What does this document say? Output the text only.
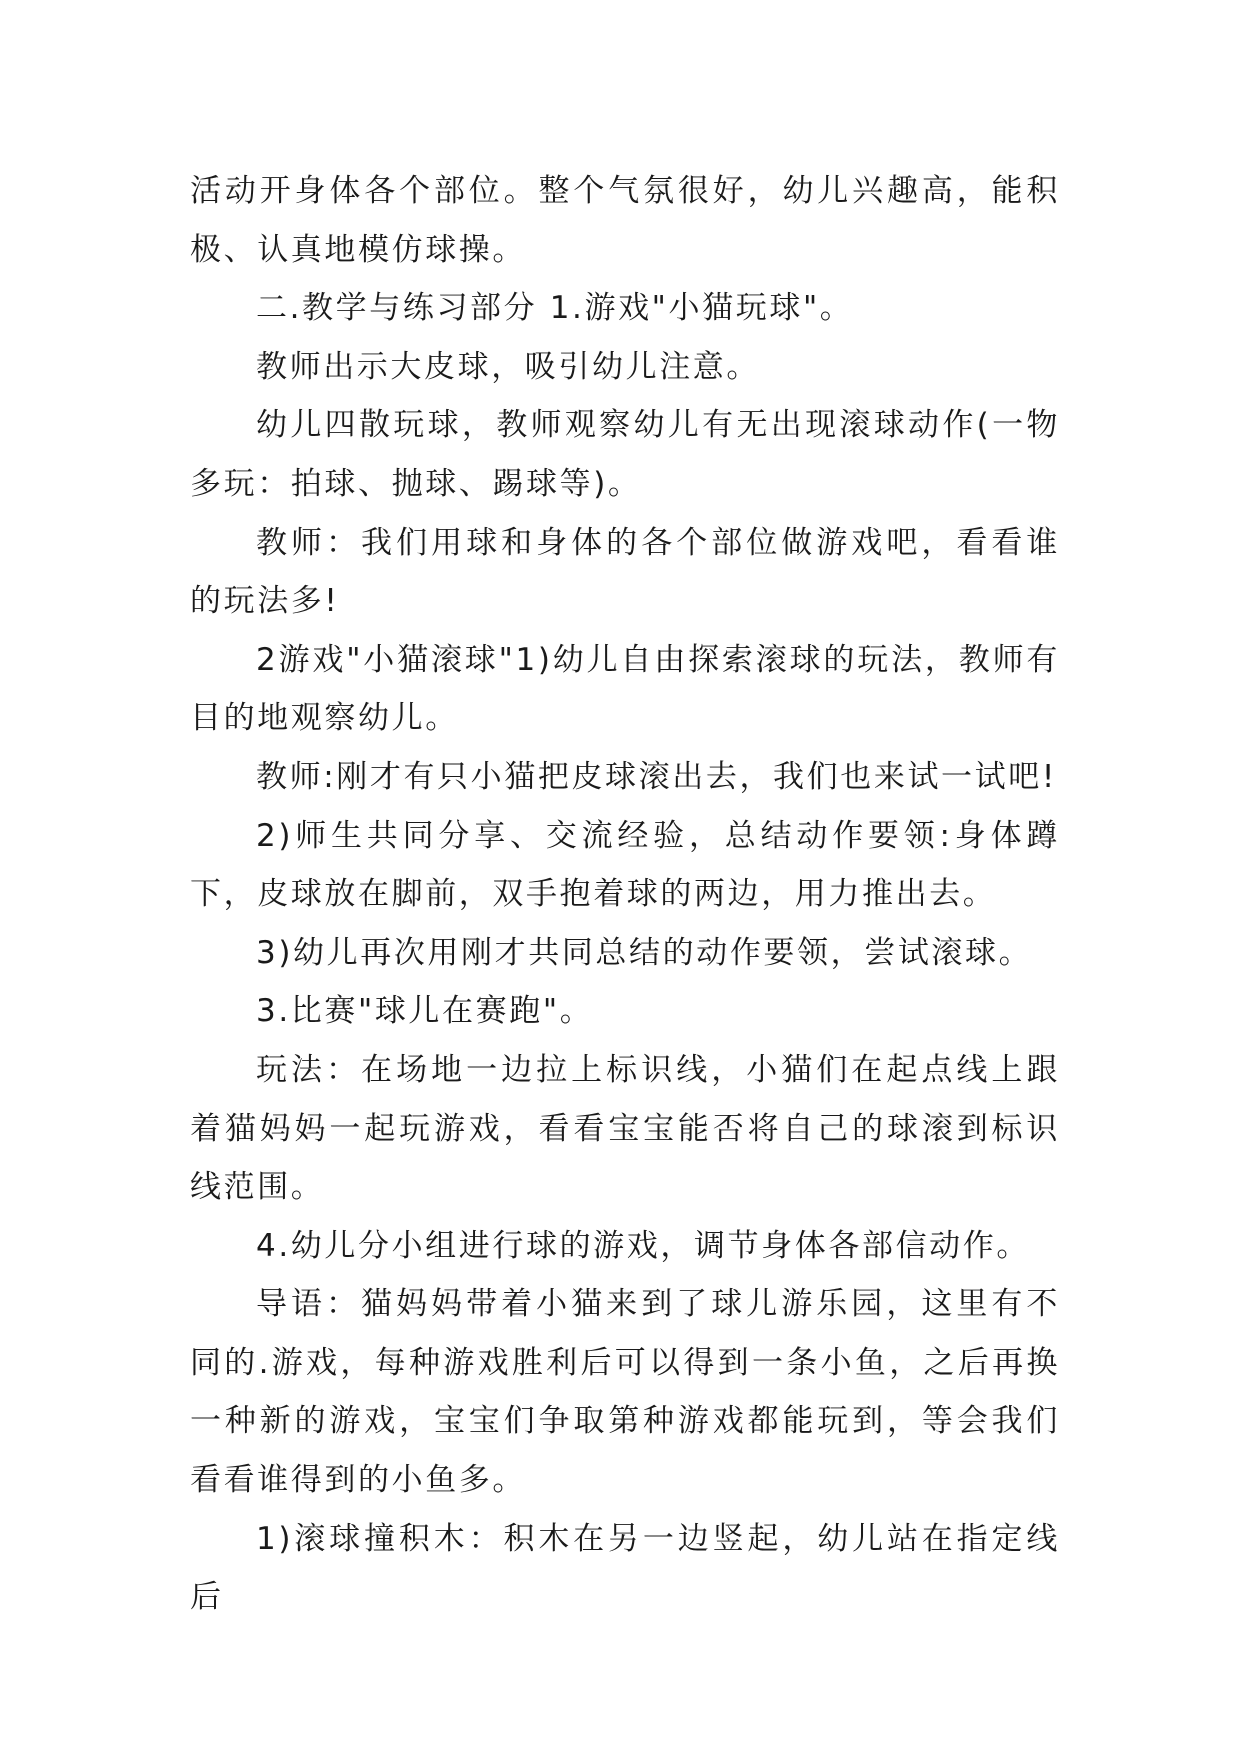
活动开身体各个部位。整个气氛很好，幼儿兴趣高，能积极、认真地模仿球操。

二.教学与练习部分 1.游戏"小猫玩球"。

教师出示大皮球，吸引幼儿注意。

幼儿四散玩球，教师观察幼儿有无出现滚球动作(一物多玩：拍球、抛球、踢球等)。

教师：我们用球和身体的各个部位做游戏吧，看看谁的玩法多!

2游戏"小猫滚球"1)幼儿自由探索滚球的玩法，教师有目的地观察幼儿。

教师:刚才有只小猫把皮球滚出去，我们也来试一试吧!

2)师生共同分享、交流经验，总结动作要领:身体蹲下，皮球放在脚前，双手抱着球的两边，用力推出去。

3)幼儿再次用刚才共同总结的动作要领，尝试滚球。

3.比赛"球儿在赛跑"。

玩法：在场地一边拉上标识线，小猫们在起点线上跟着猫妈妈一起玩游戏，看看宝宝能否将自己的球滚到标识线范围。

4.幼儿分小组进行球的游戏，调节身体各部信动作。

导语：猫妈妈带着小猫来到了球儿游乐园，这里有不同的.游戏，每种游戏胜利后可以得到一条小鱼，之后再换一种新的游戏，宝宝们争取第种游戏都能玩到，等会我们看看谁得到的小鱼多。

1)滚球撞积木：积木在另一边竖起，幼儿站在指定线后
